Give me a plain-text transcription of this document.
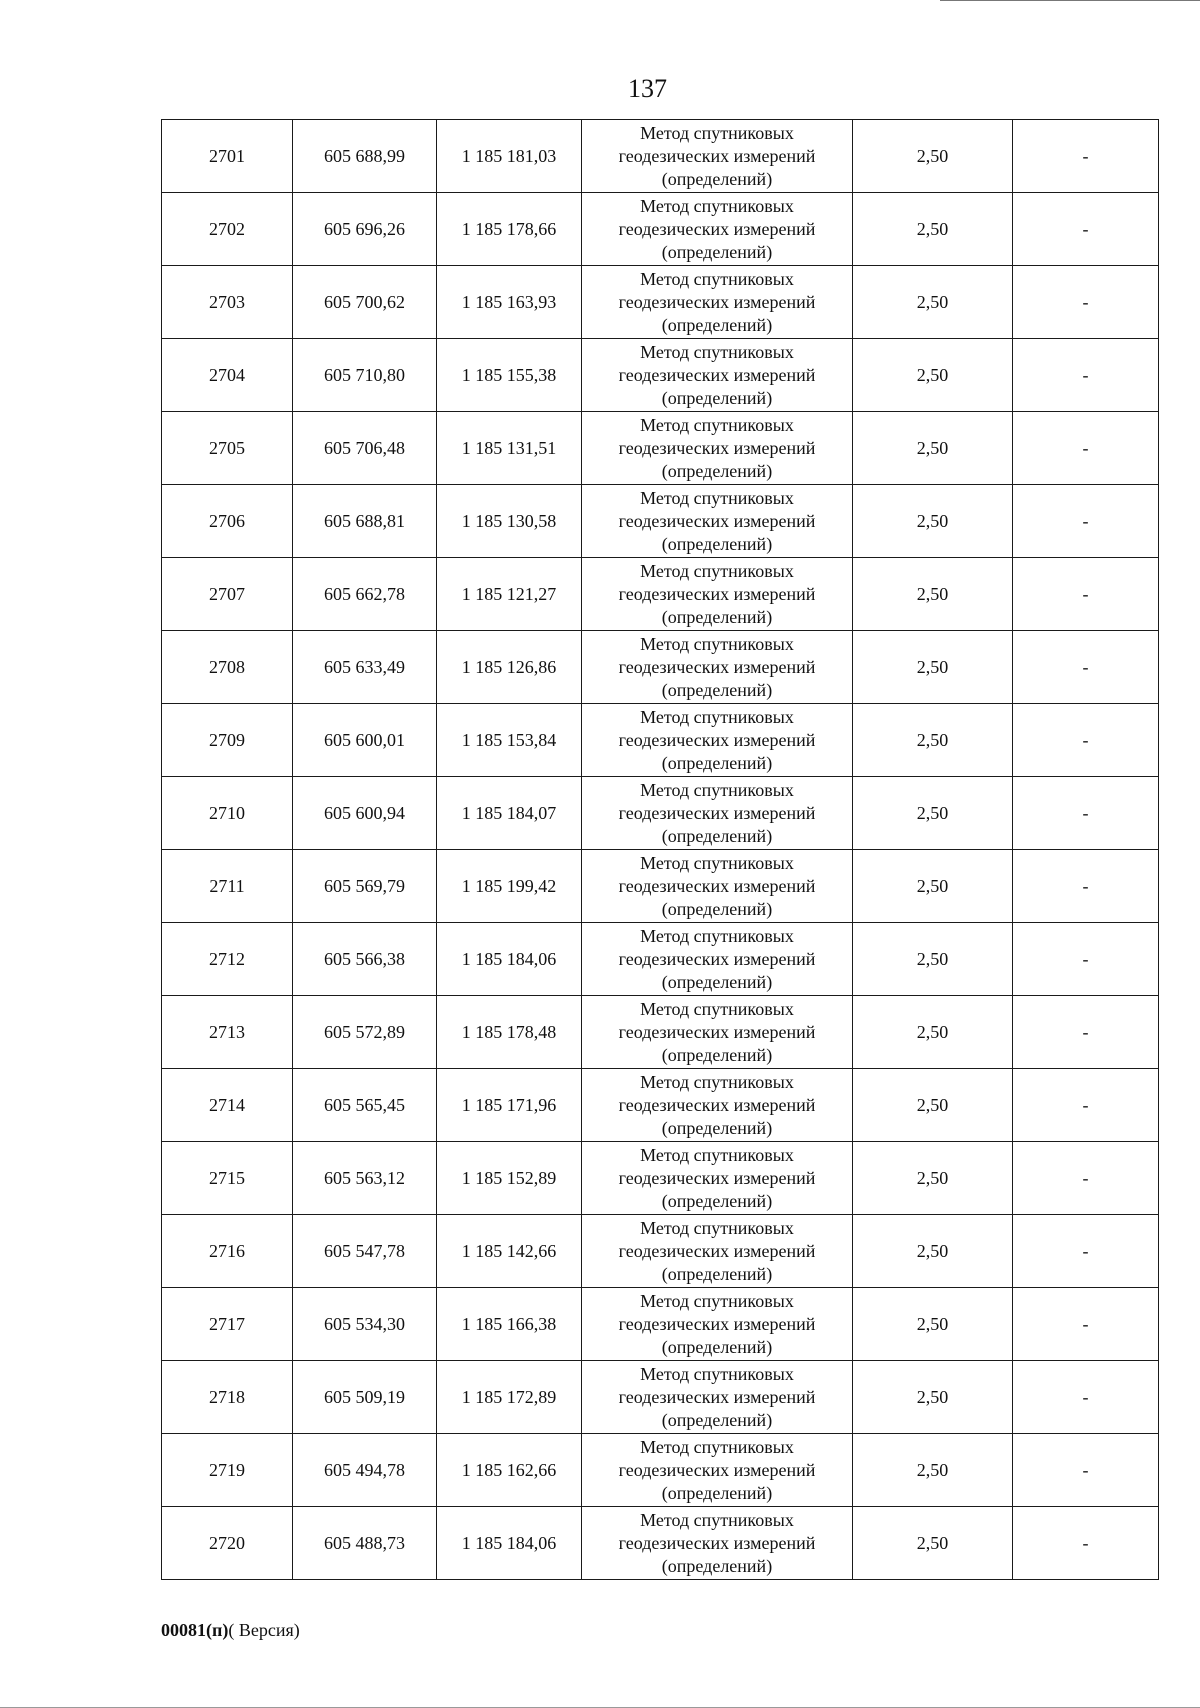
137
2701	605 688,99	1 185 181,03	Метод спутниковых
геодезических измерений
(определений)	2,50	-
2702	605 696,26	1 185 178,66	Метод спутниковых
геодезических измерений
(определений)	2,50	-
2703	605 700,62	1 185 163,93	Метод спутниковых
геодезических измерений
(определений)	2,50	-
2704	605 710,80	1 185 155,38	Метод спутниковых
геодезических измерений
(определений)	2,50	-
2705	605 706,48	1 185 131,51	Метод спутниковых
геодезических измерений
(определений)	2,50	-
2706	605 688,81	1 185 130,58	Метод спутниковых
геодезических измерений
(определений)	2,50	-
2707	605 662,78	1 185 121,27	Метод спутниковых
геодезических измерений
(определений)	2,50	-
2708	605 633,49	1 185 126,86	Метод спутниковых
геодезических измерений
(определений)	2,50	-
2709	605 600,01	1 185 153,84	Метод спутниковых
геодезических измерений
(определений)	2,50	-
2710	605 600,94	1 185 184,07	Метод спутниковых
геодезических измерений
(определений)	2,50	-
2711	605 569,79	1 185 199,42	Метод спутниковых
геодезических измерений
(определений)	2,50	-
2712	605 566,38	1 185 184,06	Метод спутниковых
геодезических измерений
(определений)	2,50	-
2713	605 572,89	1 185 178,48	Метод спутниковых
геодезических измерений
(определений)	2,50	-
2714	605 565,45	1 185 171,96	Метод спутниковых
геодезических измерений
(определений)	2,50	-
2715	605 563,12	1 185 152,89	Метод спутниковых
геодезических измерений
(определений)	2,50	-
2716	605 547,78	1 185 142,66	Метод спутниковых
геодезических измерений
(определений)	2,50	-
2717	605 534,30	1 185 166,38	Метод спутниковых
геодезических измерений
(определений)	2,50	-
2718	605 509,19	1 185 172,89	Метод спутниковых
геодезических измерений
(определений)	2,50	-
2719	605 494,78	1 185 162,66	Метод спутниковых
геодезических измерений
(определений)	2,50	-
2720	605 488,73	1 185 184,06	Метод спутниковых
геодезических измерений
(определений)	2,50	-
00081(п)( Версия)
